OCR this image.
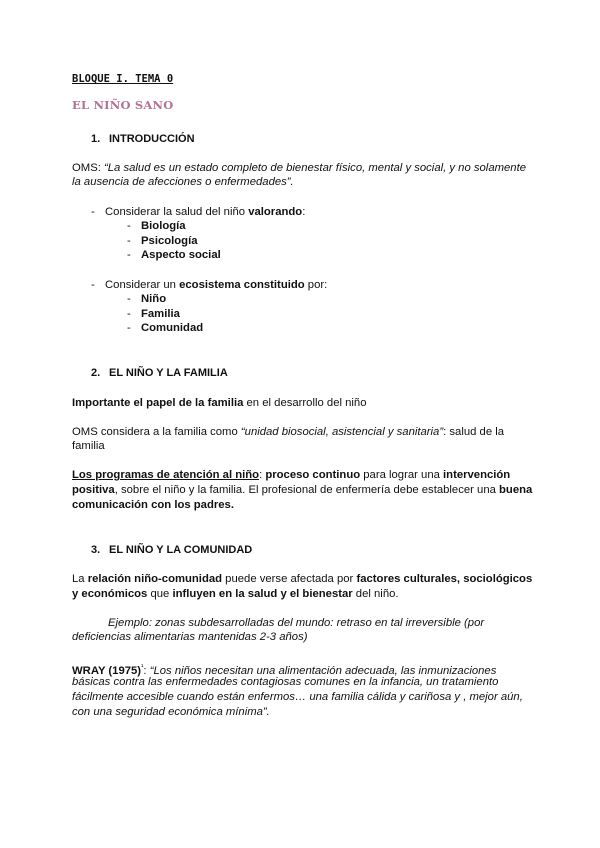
BLOQUE I. TEMA 0
EL NIÑO SANO
1. INTRODUCCIÓN
OMS: “La salud es un estado completo de bienestar físico, mental y social, y no solamente
la ausencia de afecciones o enfermedades”.
- Considerar la salud del niño valorando:
- Biología
- Psicología
- Aspecto social
- Considerar un ecosistema constituido por:
- Niño
- Familia
- Comunidad
2. EL NIÑO Y LA FAMILIA
Importante el papel de la familia en el desarrollo del niño
OMS considera a la familia como “unidad biosocial, asistencial y sanitaria”: salud de la
familia
Los programas de atención al niño: proceso continuo para lograr una intervención
positiva, sobre el niño y la familia. El profesional de enfermería debe establecer una buena
comunicación con los padres.
3. EL NIÑO Y LA COMUNIDAD
La relación niño-comunidad puede verse afectada por factores culturales, sociológicos
y económicos que influyen en la salud y el bienestar del niño.
Ejemplo: zonas subdesarrolladas del mundo: retraso en tal irreversible (por
deficiencias alimentarias mantenidas 2-3 años)
WRAY $(1975)^{^1}$: “Los niños necesitan una alimentación adecuada, las inmunizaciones
básicas contra las enfermedades contagiosas comunes en la infancia, un tratamiento
fácilmente accesible cuando están enfermos… una familia cálida y cariñosa y , mejor aún,
con una seguridad económica mínima”.
